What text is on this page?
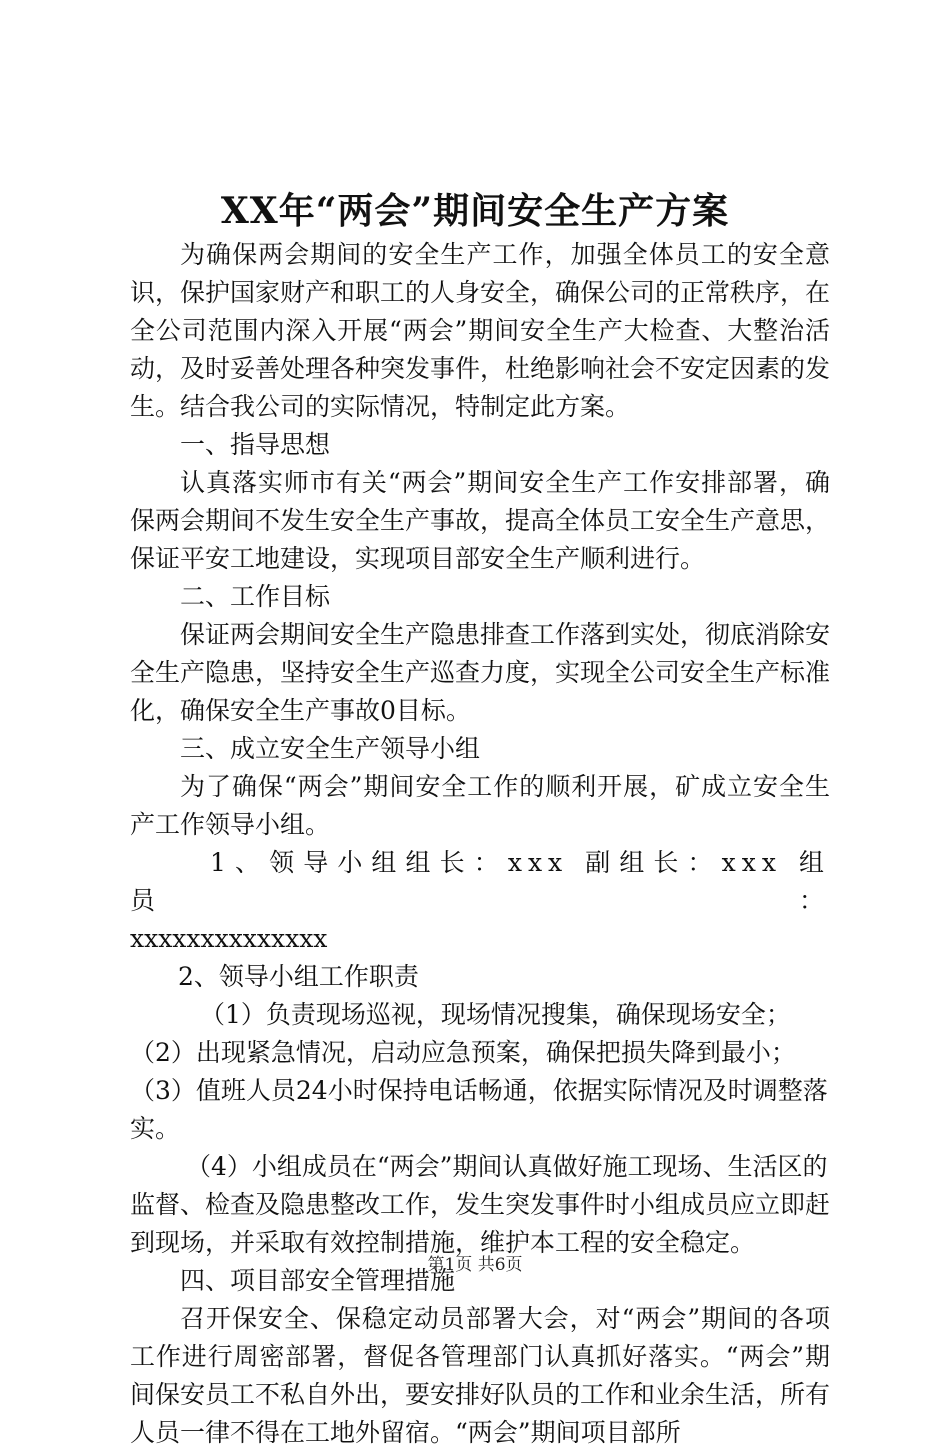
XX年“两会”期间安全生产方案

为确保两会期间的安全生产工作，加强全体员工的安全意识，保护国家财产和职工的人身安全，确保公司的正常秩序，在全公司范围内深入开展“两会”期间安全生产大检查、大整治活动，及时妥善处理各种突发事件，杜绝影响社会不安定因素的发生。结合我公司的实际情况，特制定此方案。

一、指导思想

认真落实师市有关“两会”期间安全生产工作安排部署，确保两会期间不发生安全生产事故，提高全体员工安全生产意思，保证平安工地建设，实现项目部安全生产顺利进行。

二、工作目标

保证两会期间安全生产隐患排查工作落到实处，彻底消除安全生产隐患，坚持安全生产巡查力度，实现全公司安全生产标准化，确保安全生产事故0目标。

三、成立安全生产领导小组

为了确保“两会”期间安全工作的顺利开展，矿成立安全生产工作领导小组。

1、领导小组组长：xxx 副组长：xxx 组员：

xxxxxxxxxxxxxx

2、领导小组工作职责

（1）负责现场巡视，现场情况搜集，确保现场安全；

（2）出现紧急情况，启动应急预案，确保把损失降到最小；

（3）值班人员24小时保持电话畅通，依据实际情况及时调整落实。

（4）小组成员在“两会”期间认真做好施工现场、生活区的监督、检查及隐患整改工作，发生突发事件时小组成员应立即赶到现场，并采取有效控制措施，维护本工程的安全稳定。

四、项目部安全管理措施

召开保安全、保稳定动员部署大会，对“两会”期间的各项工作进行周密部署，督促各管理部门认真抓好落实。“两会”期间保安员工不私自外出，要安排好队员的工作和业余生活，所有人员一律不得在工地外留宿。“两会”期间项目部所

第1页 共6页
